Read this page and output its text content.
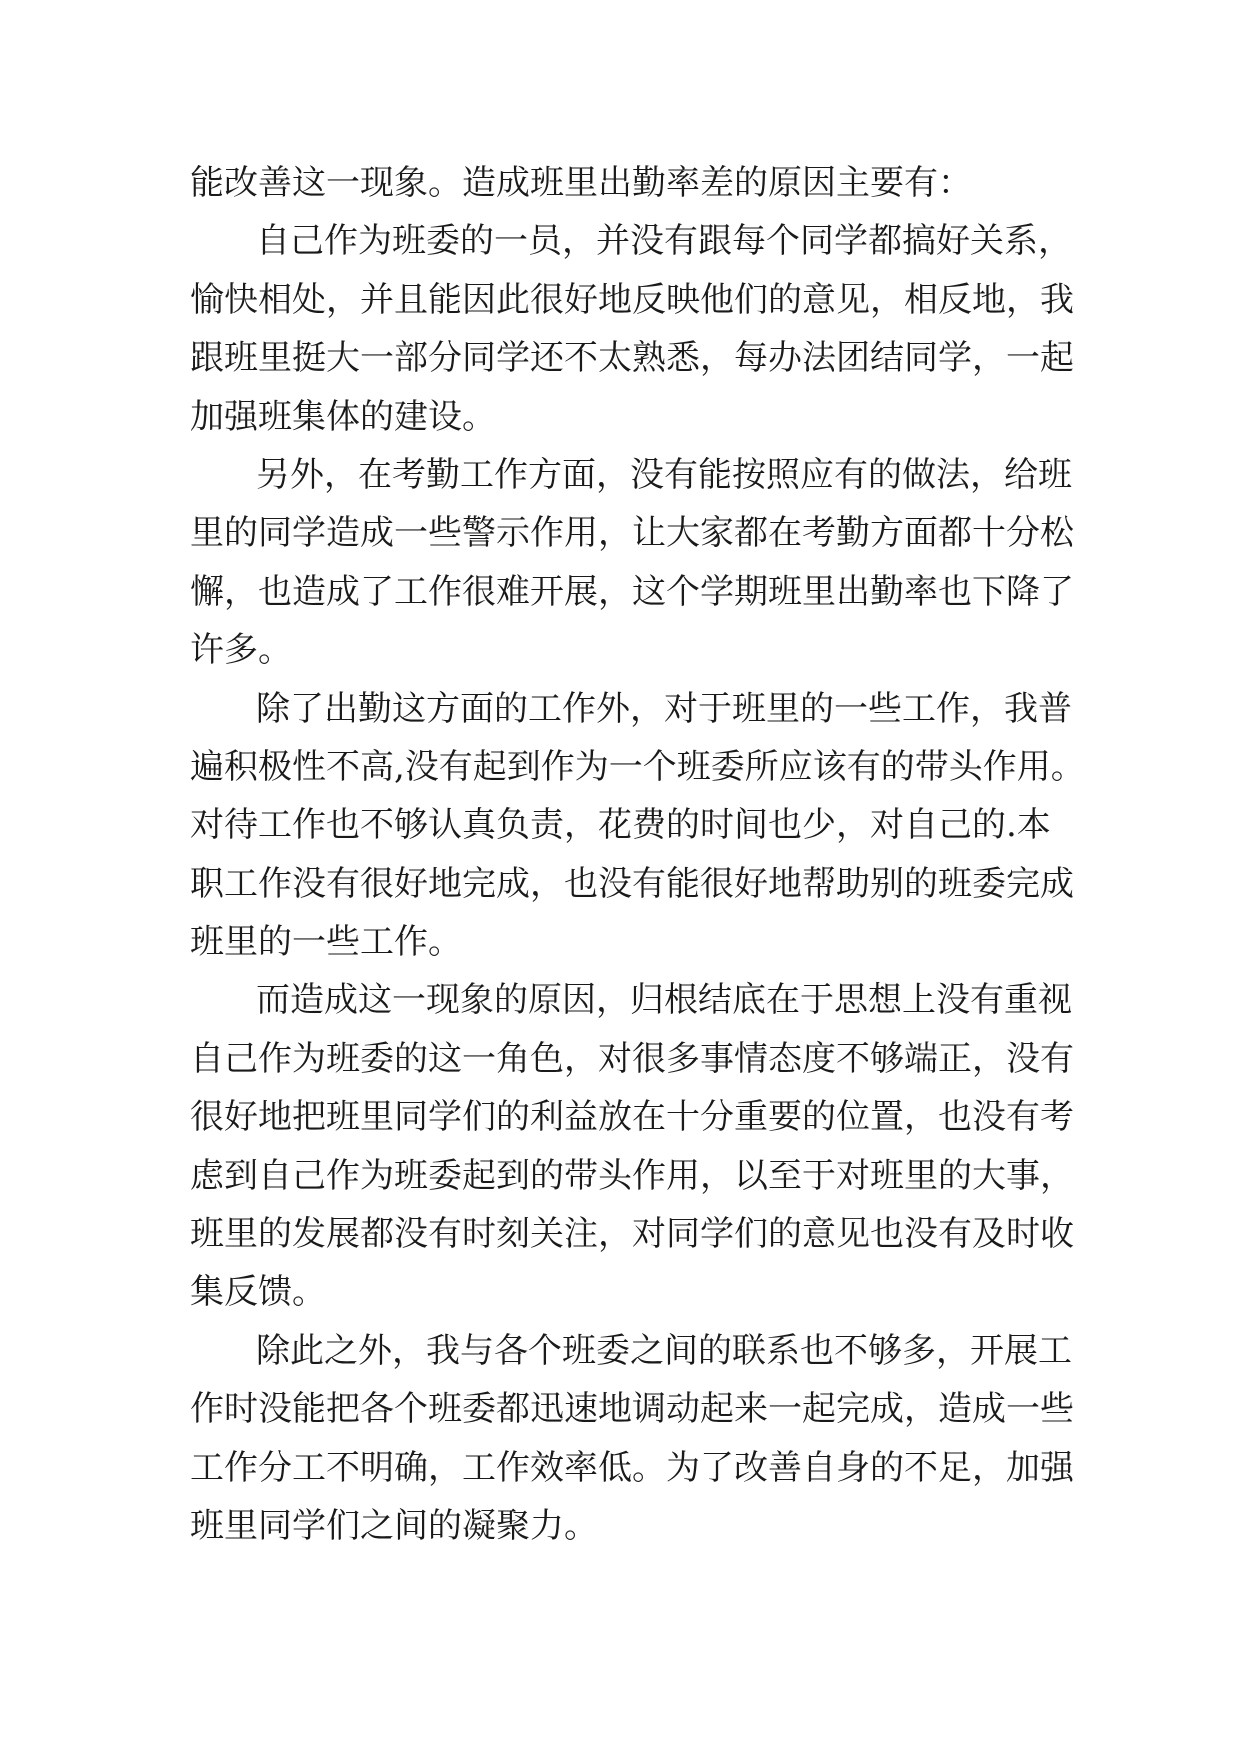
能改善这一现象。造成班里出勤率差的原因主要有：
自己作为班委的一员，并没有跟每个同学都搞好关系，
愉快相处，并且能因此很好地反映他们的意见，相反地，我
跟班里挺大一部分同学还不太熟悉，每办法团结同学，一起
加强班集体的建设。
另外，在考勤工作方面，没有能按照应有的做法，给班
里的同学造成一些警示作用，让大家都在考勤方面都十分松
懈，也造成了工作很难开展，这个学期班里出勤率也下降了
许多。
除了出勤这方面的工作外，对于班里的一些工作，我普
遍积极性不高,没有起到作为一个班委所应该有的带头作用。
对待工作也不够认真负责，花费的时间也少，对自己的.本
职工作没有很好地完成，也没有能很好地帮助别的班委完成
班里的一些工作。
而造成这一现象的原因，归根结底在于思想上没有重视
自己作为班委的这一角色，对很多事情态度不够端正，没有
很好地把班里同学们的利益放在十分重要的位置，也没有考
虑到自己作为班委起到的带头作用，以至于对班里的大事，
班里的发展都没有时刻关注，对同学们的意见也没有及时收
集反馈。
除此之外，我与各个班委之间的联系也不够多，开展工
作时没能把各个班委都迅速地调动起来一起完成，造成一些
工作分工不明确，工作效率低。为了改善自身的不足，加强
班里同学们之间的凝聚力。
